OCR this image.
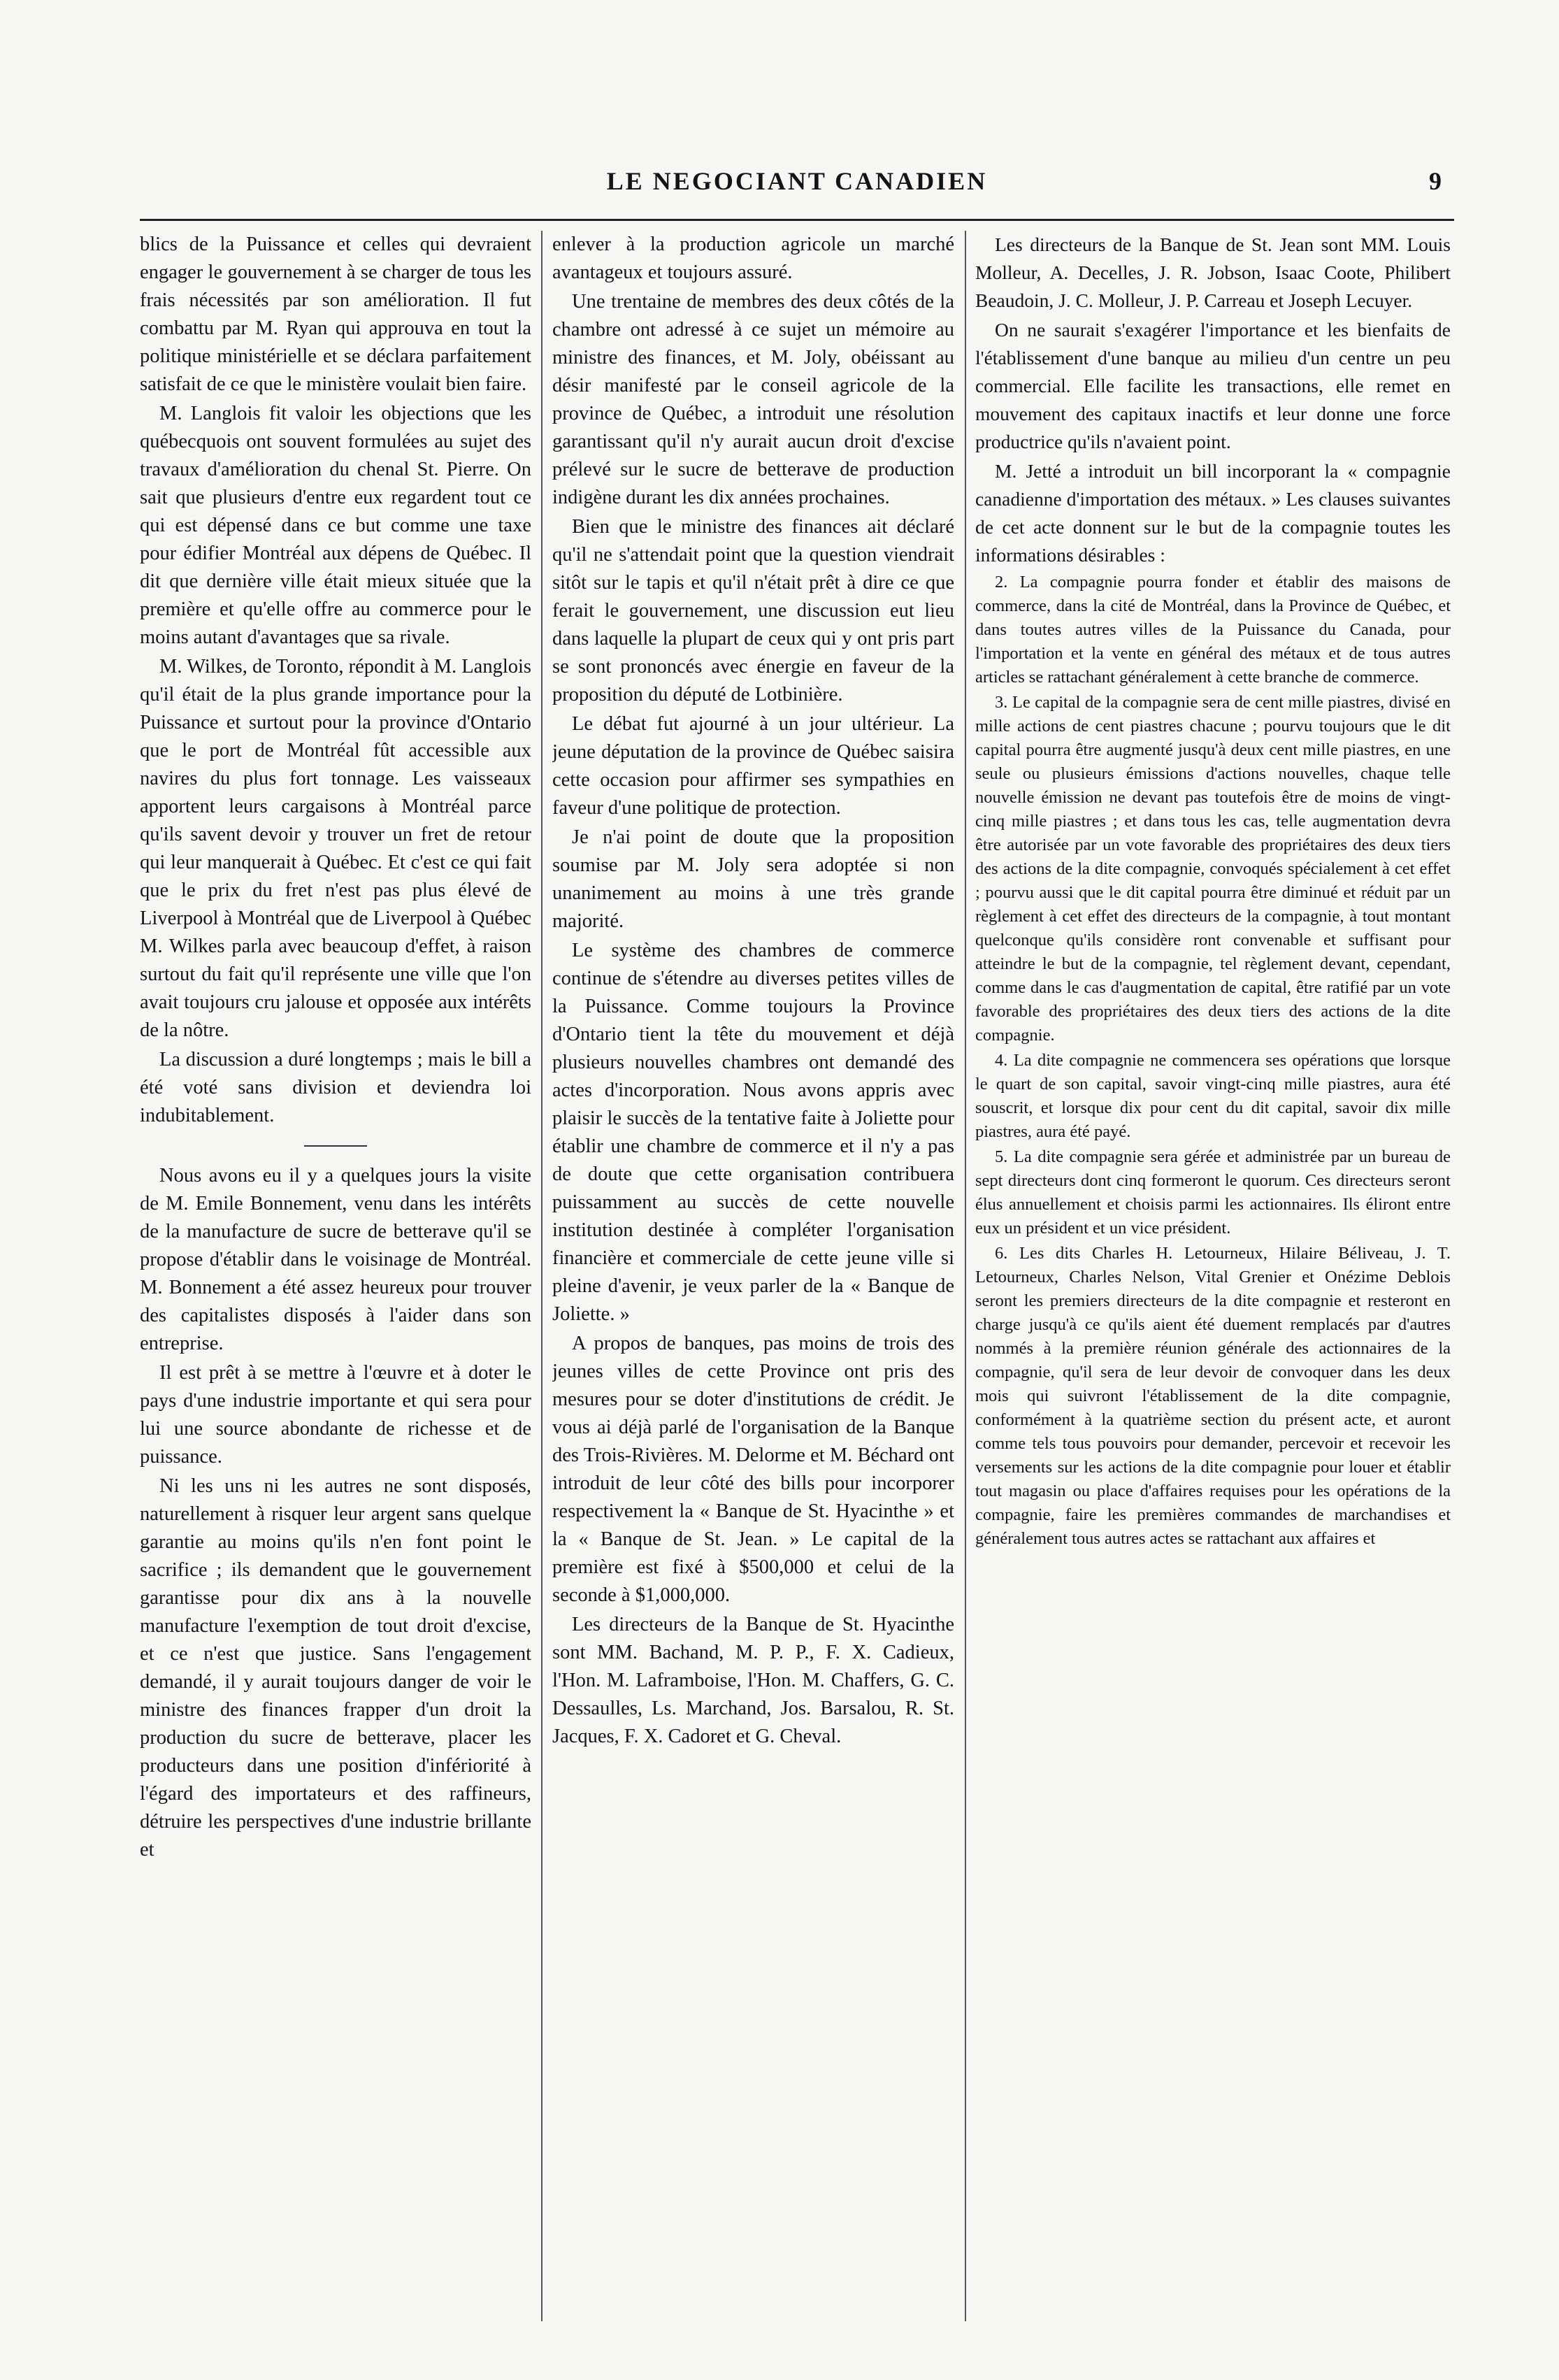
LE NEGOCIANT CANADIEN	9

blics de la Puissance et celles qui devraient engager le gouvernement à se charger de tous les frais nécessités par son amélioration. Il fut combattu par M. Ryan qui approuva en tout la politique ministérielle et se déclara parfaitement satisfait de ce que le ministère voulait bien faire.

M. Langlois fit valoir les objections que les québecquois ont souvent formulées au sujet des travaux d'amélioration du chenal St. Pierre. On sait que plusieurs d'entre eux regardent tout ce qui est dépensé dans ce but comme une taxe pour édifier Montréal aux dépens de Québec. Il dit que dernière ville était mieux située que la première et qu'elle offre au commerce pour le moins autant d'avantages que sa rivale.

M. Wilkes, de Toronto, répondit à M. Langlois qu'il était de la plus grande importance pour la Puissance et surtout pour la province d'Ontario que le port de Montréal fût accessible aux navires du plus fort tonnage. Les vaisseaux apportent leurs cargaisons à Montréal parce qu'ils savent devoir y trouver un fret de retour qui leur manquerait à Québec. Et c'est ce qui fait que le prix du fret n'est pas plus élevé de Liverpool à Montréal que de Liverpool à Québec M. Wilkes parla avec beaucoup d'effet, à raison surtout du fait qu'il représente une ville que l'on avait toujours cru jalouse et opposée aux intérêts de la nôtre.

La discussion a duré longtemps ; mais le bill a été voté sans division et deviendra loi indubitablement.

Nous avons eu il y a quelques jours la visite de M. Emile Bonnement, venu dans les intérêts de la manufacture de sucre de betterave qu'il se propose d'établir dans le voisinage de Montréal. M. Bonnement a été assez heureux pour trouver des capitalistes disposés à l'aider dans son entreprise.

Il est prêt à se mettre à l'œuvre et à doter le pays d'une industrie importante et qui sera pour lui une source abondante de richesse et de puissance.

Ni les uns ni les autres ne sont disposés, naturellement à risquer leur argent sans quelque garantie au moins qu'ils n'en font point le sacrifice ; ils demandent que le gouvernement garantisse pour dix ans à la nouvelle manufacture l'exemption de tout droit d'excise, et ce n'est que justice. Sans l'engagement demandé, il y aurait toujours danger de voir le ministre des finances frapper d'un droit la production du sucre de betterave, placer les producteurs dans une position d'infériorité à l'égard des importateurs et des raffineurs, détruire les perspectives d'une industrie brillante et

enlever à la production agricole un marché avantageux et toujours assuré.

Une trentaine de membres des deux côtés de la chambre ont adressé à ce sujet un mémoire au ministre des finances, et M. Joly, obéissant au désir manifesté par le conseil agricole de la province de Québec, a introduit une résolution garantissant qu'il n'y aurait aucun droit d'excise prélevé sur le sucre de betterave de production indigène durant les dix années prochaines.

Bien que le ministre des finances ait déclaré qu'il ne s'attendait point que la question viendrait sitôt sur le tapis et qu'il n'était prêt à dire ce que ferait le gouvernement, une discussion eut lieu dans laquelle la plupart de ceux qui y ont pris part se sont prononcés avec énergie en faveur de la proposition du député de Lotbinière.

Le débat fut ajourné à un jour ultérieur. La jeune députation de la province de Québec saisira cette occasion pour affirmer ses sympathies en faveur d'une politique de protection.

Je n'ai point de doute que la proposition soumise par M. Joly sera adoptée si non unanimement au moins à une très grande majorité.

Le système des chambres de commerce continue de s'étendre au diverses petites villes de la Puissance. Comme toujours la Province d'Ontario tient la tête du mouvement et déjà plusieurs nouvelles chambres ont demandé des actes d'incorporation. Nous avons appris avec plaisir le succès de la tentative faite à Joliette pour établir une chambre de commerce et il n'y a pas de doute que cette organisation contribuera puissamment au succès de cette nouvelle institution destinée à compléter l'organisation financière et commerciale de cette jeune ville si pleine d'avenir, je veux parler de la « Banque de Joliette. »

A propos de banques, pas moins de trois des jeunes villes de cette Province ont pris des mesures pour se doter d'institutions de crédit. Je vous ai déjà parlé de l'organisation de la Banque des Trois-Rivières. M. Delorme et M. Béchard ont introduit de leur côté des bills pour incorporer respectivement la « Banque de St. Hyacinthe » et la « Banque de St. Jean. » Le capital de la première est fixé à $500,000 et celui de la seconde à $1,000,000.

Les directeurs de la Banque de St. Hyacinthe sont MM. Bachand, M. P. P., F. X. Cadieux, l'Hon. M. Laframboise, l'Hon. M. Chaffers, G. C. Dessaulles, Ls. Marchand, Jos. Barsalou, R. St. Jacques, F. X. Cadoret et G. Cheval.

Les directeurs de la Banque de St. Jean sont MM. Louis Molleur, A. Decelles, J. R. Jobson, Isaac Coote, Philibert Beaudoin, J. C. Molleur, J. P. Carreau et Joseph Lecuyer.

On ne saurait s'exagérer l'importance et les bienfaits de l'établissement d'une banque au milieu d'un centre un peu commercial. Elle facilite les transactions, elle remet en mouvement des capitaux inactifs et leur donne une force productrice qu'ils n'avaient point.

M. Jetté a introduit un bill incorporant la « compagnie canadienne d'importation des métaux. » Les clauses suivantes de cet acte donnent sur le but de la compagnie toutes les informations désirables :

2. La compagnie pourra fonder et établir des maisons de commerce, dans la cité de Montréal, dans la Province de Québec, et dans toutes autres villes de la Puissance du Canada, pour l'importation et la vente en général des métaux et de tous autres articles se rattachant généralement à cette branche de commerce.

3. Le capital de la compagnie sera de cent mille piastres, divisé en mille actions de cent piastres chacune ; pourvu toujours que le dit capital pourra être augmenté jusqu'à deux cent mille piastres, en une seule ou plusieurs émissions d'actions nouvelles, chaque telle nouvelle émission ne devant pas toutefois être de moins de vingt-cinq mille piastres ; et dans tous les cas, telle augmentation devra être autorisée par un vote favorable des propriétaires des deux tiers des actions de la dite compagnie, convoqués spécialement à cet effet ; pourvu aussi que le dit capital pourra être diminué et réduit par un règlement à cet effet des directeurs de la compagnie, à tout montant quelconque qu'ils considère ront convenable et suffisant pour atteindre le but de la compagnie, tel règlement devant, cependant, comme dans le cas d'augmentation de capital, être ratifié par un vote favorable des propriétaires des deux tiers des actions de la dite compagnie.

4. La dite compagnie ne commencera ses opérations que lorsque le quart de son capital, savoir vingt-cinq mille piastres, aura été souscrit, et lorsque dix pour cent du dit capital, savoir dix mille piastres, aura été payé.

5. La dite compagnie sera gérée et administrée par un bureau de sept directeurs dont cinq formeront le quorum. Ces directeurs seront élus annuellement et choisis parmi les actionnaires. Ils éliront entre eux un président et un vice président.

6. Les dits Charles H. Letourneux, Hilaire Béliveau, J. T. Letourneux, Charles Nelson, Vital Grenier et Onézime Deblois seront les premiers directeurs de la dite compagnie et resteront en charge jusqu'à ce qu'ils aient été duement remplacés par d'autres nommés à la première réunion générale des actionnaires de la compagnie, qu'il sera de leur devoir de convoquer dans les deux mois qui suivront l'établissement de la dite compagnie, conformément à la quatrième section du présent acte, et auront comme tels tous pouvoirs pour demander, percevoir et recevoir les versements sur les actions de la dite compagnie pour louer et établir tout magasin ou place d'affaires requises pour les opérations de la compagnie, faire les premières commandes de marchandises et généralement tous autres actes se rattachant aux affaires et
